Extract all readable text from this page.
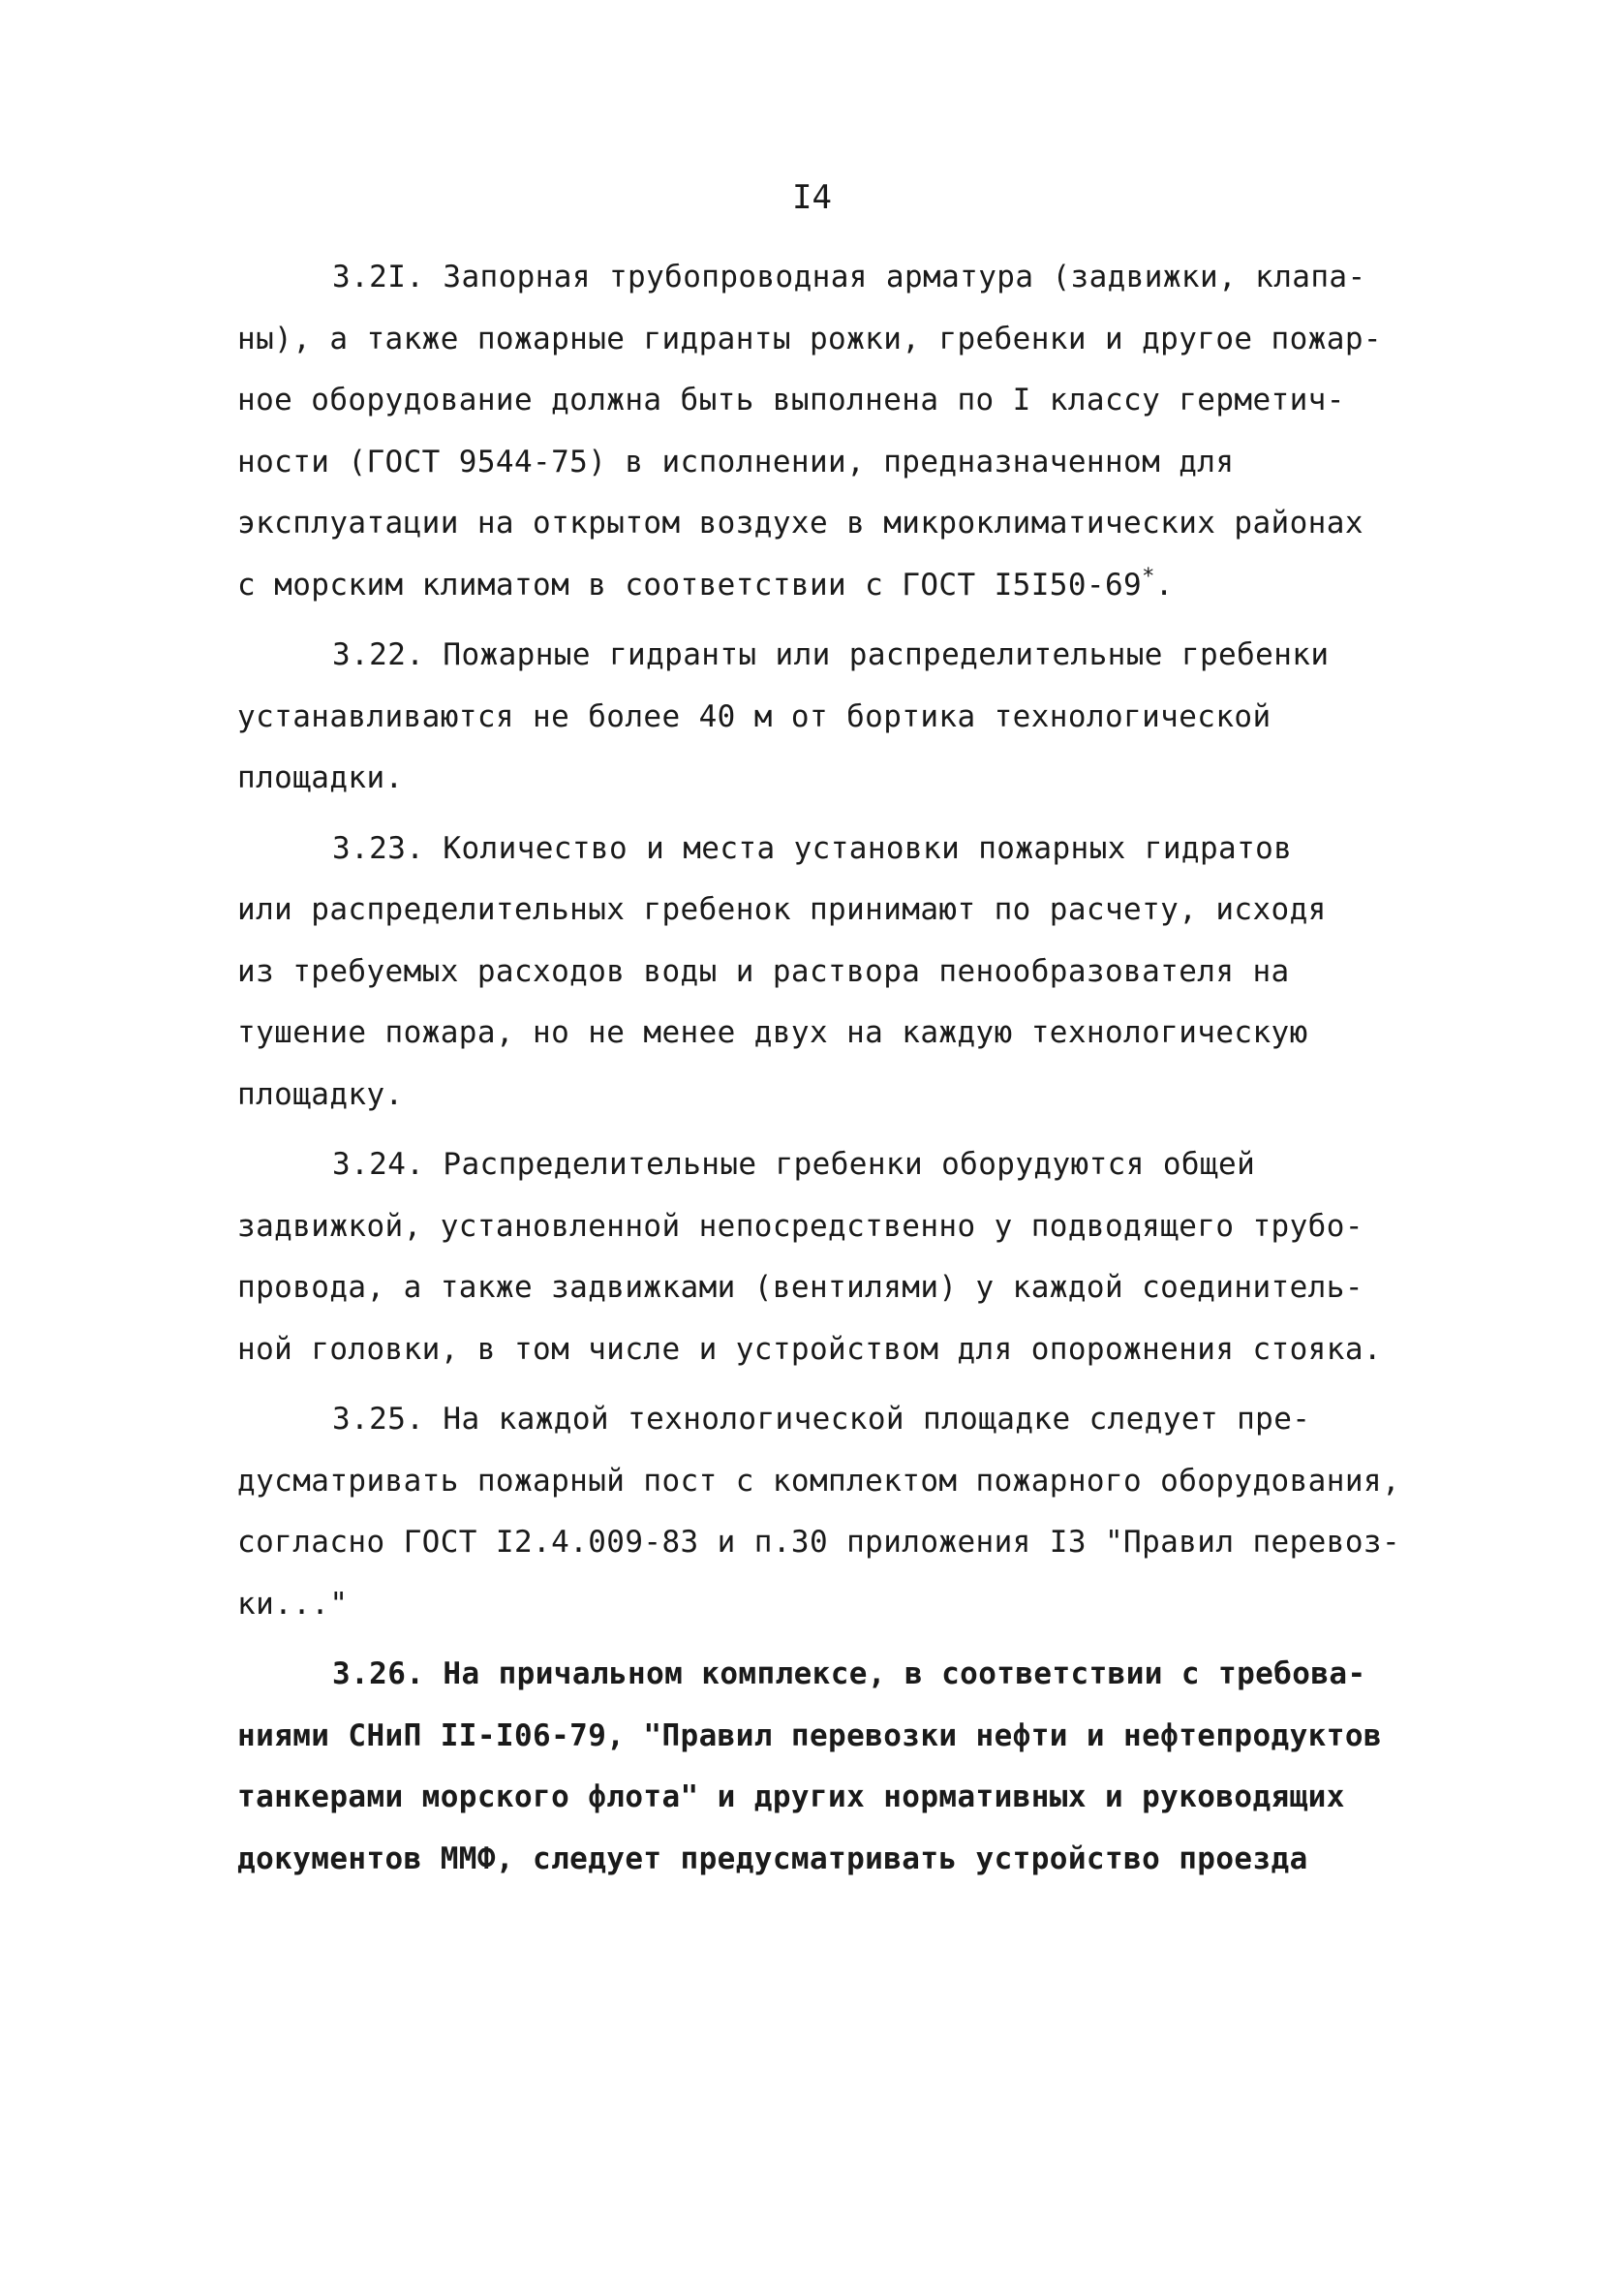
I4
3.2I. Запорная трубопроводная арматура (задвижки, клапа-
ны), а также пожарные гидранты рожки, гребенки и другое пожар-
ное оборудование должна быть выполнена по I классу герметич-
ности (ГОСТ 9544-75) в исполнении, предназначенном для
эксплуатации на открытом воздухе в микроклиматических районах
с морским климатом в соответствии с ГОСТ I5I50-69*.
3.22. Пожарные гидранты или распределительные гребенки
устанавливаются не более 40 м от бортика технологической
площадки.
3.23. Количество и места установки пожарных гидратов
или распределительных гребенок принимают по расчету, исходя
из требуемых расходов воды и раствора пенообразователя на
тушение пожара, но не менее двух на каждую технологическую
площадку.
3.24. Распределительные гребенки оборудуются общей
задвижкой, установленной непосредственно у подводящего трубо-
провода, а также задвижками (вентилями) у каждой соединитель-
ной головки, в том числе и устройством для опорожнения стояка.
3.25. На каждой технологической площадке следует пре-
дусматривать пожарный пост с комплектом пожарного оборудования,
согласно ГОСТ I2.4.009-83 и п.30 приложения I3 "Правил перевоз-
ки..."
3.26. На причальном комплексе, в соответствии с требова-
ниями СНиП II-I06-79, "Правил перевозки нефти и нефтепродуктов
танкерами морского флота" и других нормативных и руководящих
документов ММФ, следует предусматривать устройство проезда
